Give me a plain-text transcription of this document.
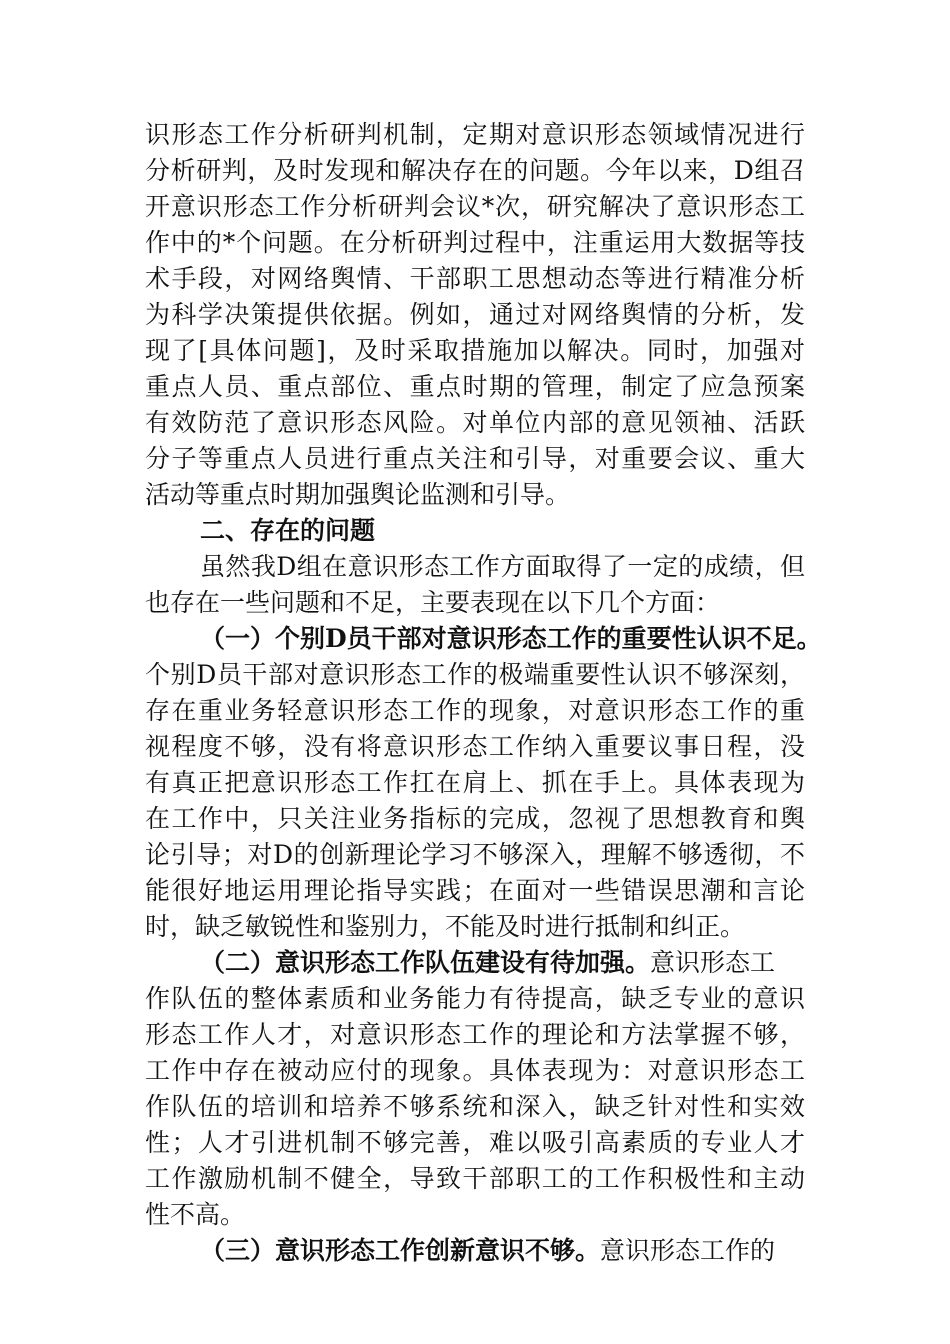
识形态工作分析研判机制，定期对意识形态领域情况进行
分析研判，及时发现和解决存在的问题。今年以来，D组召
开意识形态工作分析研判会议*次，研究解决了意识形态工
作中的*个问题。在分析研判过程中，注重运用大数据等技
术手段，对网络舆情、干部职工思想动态等进行精准分析
为科学决策提供依据。例如，通过对网络舆情的分析，发
现了[具体问题]，及时采取措施加以解决。同时，加强对
重点人员、重点部位、重点时期的管理，制定了应急预案
有效防范了意识形态风险。对单位内部的意见领袖、活跃
分子等重点人员进行重点关注和引导，对重要会议、重大
活动等重点时期加强舆论监测和引导。
二、存在的问题
虽然我D组在意识形态工作方面取得了一定的成绩，但
也存在一些问题和不足，主要表现在以下几个方面：
（一）个别D员干部对意识形态工作的重要性认识不足。
个别D员干部对意识形态工作的极端重要性认识不够深刻，
存在重业务轻意识形态工作的现象，对意识形态工作的重
视程度不够，没有将意识形态工作纳入重要议事日程，没
有真正把意识形态工作扛在肩上、抓在手上。具体表现为
在工作中，只关注业务指标的完成，忽视了思想教育和舆
论引导；对D的创新理论学习不够深入，理解不够透彻，不
能很好地运用理论指导实践；在面对一些错误思潮和言论
时，缺乏敏锐性和鉴别力，不能及时进行抵制和纠正。
（二）意识形态工作队伍建设有待加强。意识形态工
作队伍的整体素质和业务能力有待提高，缺乏专业的意识
形态工作人才，对意识形态工作的理论和方法掌握不够，
工作中存在被动应付的现象。具体表现为：对意识形态工
作队伍的培训和培养不够系统和深入，缺乏针对性和实效
性；人才引进机制不够完善，难以吸引高素质的专业人才
工作激励机制不健全，导致干部职工的工作积极性和主动
性不高。
（三）意识形态工作创新意识不够。意识形态工作的
